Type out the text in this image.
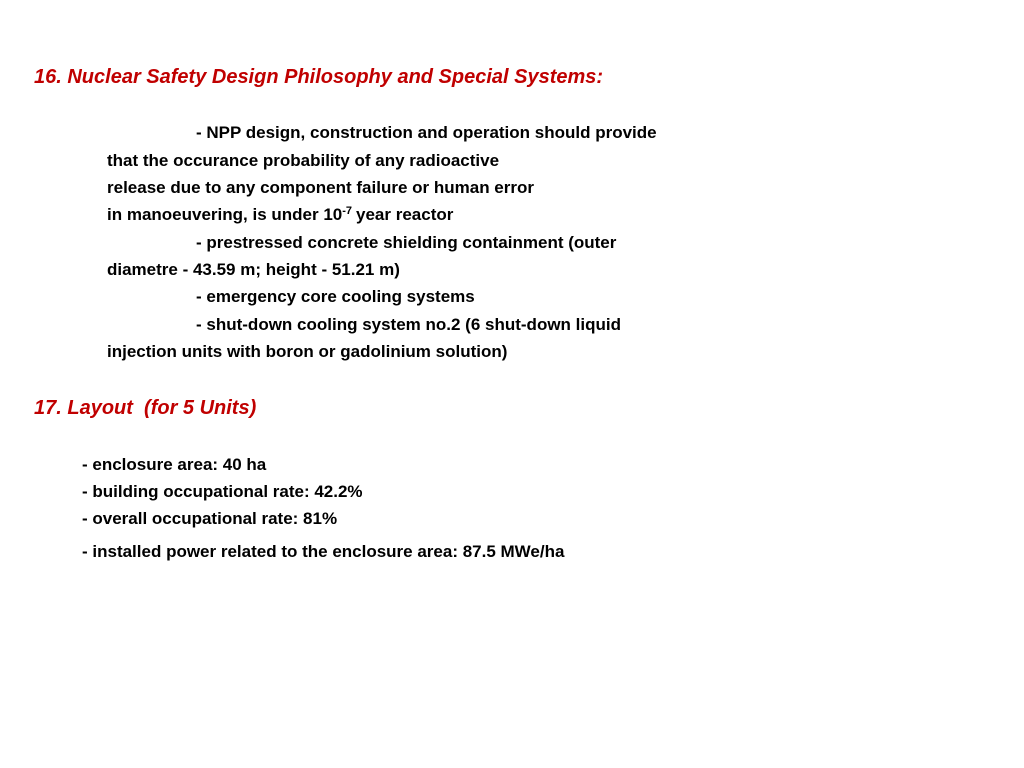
16. Nuclear Safety Design Philosophy and Special Systems:

- NPP design, construction and operation should provide

that the occurance probability of any radioactive

release due to any component failure or human error

in manoeuvering, is under $10^{-7}$ year reactor

- prestressed concrete shielding containment (outer

diametre - 43.59 m; height - 51.21 m)

- emergency core cooling systems

- shut-down cooling system no.2 (6 shut-down liquid

injection units with boron or gadolinium solution)

17. Layout  (for 5 Units)

- enclosure area: 40 ha

- building occupational rate: 42.2%

- overall occupational rate: 81%

- installed power related to the enclosure area: 87.5 MWe/ha
